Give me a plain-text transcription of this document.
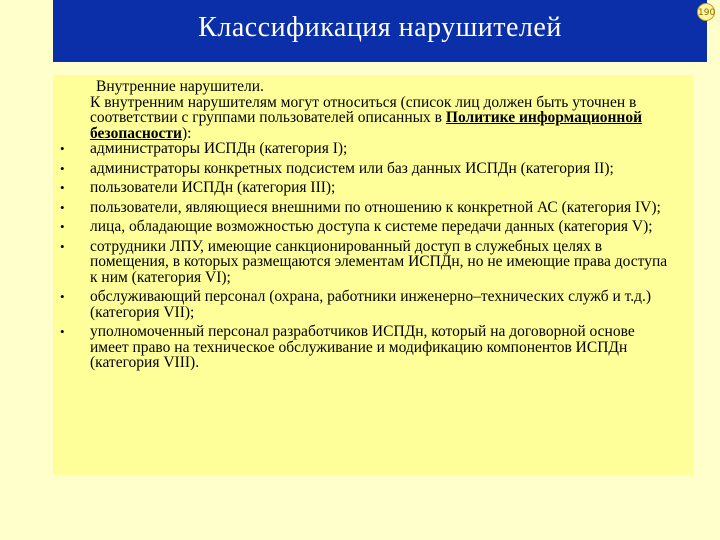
Классификация нарушителей	190

Внутренние нарушители.

К внутренним нарушителям могут относиться (список лиц должен быть уточнен в соответствии с группами пользователей описанных в Политике информационной безопасности):

• администраторы ИСПДн (категория I);
• администраторы конкретных подсистем или баз данных ИСПДн (категория II);
• пользователи ИСПДн (категория III);
• пользователи, являющиеся внешними по отношению к конкретной АС (категория IV);
• лица, обладающие возможностью доступа к системе передачи данных (категория V);
• сотрудники ЛПУ, имеющие санкционированный доступ в служебных целях в помещения, в которых размещаются элементам ИСПДн, но не имеющие права доступа к ним (категория VI);
• обслуживающий персонал (охрана, работники инженерно–технических служб и т.д.) (категория VII);
• уполномоченный персонал разработчиков ИСПДн, который на договорной основе имеет право на техническое обслуживание и модификацию компонентов ИСПДн (категория VIII).
